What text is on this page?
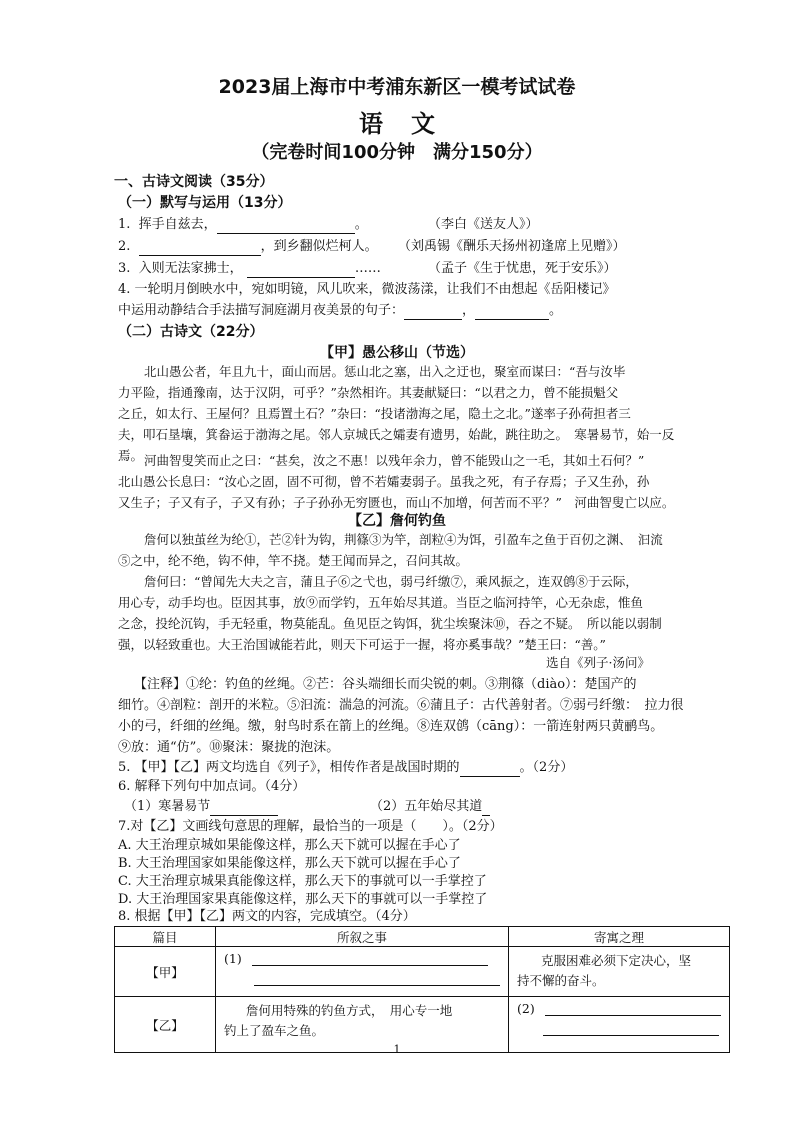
2023届上海市中考浦东新区一模考试试卷
语文
（完卷时间100分钟　满分150分）
一、古诗文阅读（35分）
（一）默写与运用（13分）
1. 挥手自兹去，	。	（李白《送友人》）
2.	，到乡翻似烂柯人。 （刘禹锡《酬乐天扬州初逢席上见赠》）
3. 入则无法家拂士，	……	（孟子《生于忧患，死于安乐》）
4. 一轮明月倒映水中，宛如明镜，风儿吹来，微波荡漾，让我们不由想起《岳阳楼记》
中运用动静结合手法描写洞庭湖月夜美景的句子：	，	。
（二）古诗文（22分）
【甲】愚公移山（节选）
北山愚公者，年且九十，面山而居。惩山北之塞，出入之迂也，聚室而谋曰：“吾与汝毕
力平险，指通豫南，达于汉阴，可乎？”杂然相许。其妻献疑曰：“以君之力，曾不能损魁父
之丘，如太行、王屋何？且焉置土石？”杂曰：“投诸渤海之尾，隐土之北。”遂率子孙荷担者三
夫，叩石垦壤，箕畚运于渤海之尾。邻人京城氏之孀妻有遗男，始龀，跳往助之。　寒暑易节，始一反
焉。 河曲智叟笑而止之曰：“甚矣，汝之不惠！以残年余力，曾不能毁山之一毛，其如土石何？”
北山愚公长息曰：“汝心之固，固不可彻，曾不若孀妻弱子。虽我之死，有子存焉；子又生孙，孙
又生子；子又有子，子又有孙；子子孙孙无穷匮也，而山不加增，何苦而不平？”　河曲智叟亡以应。
【乙】詹何钓鱼
詹何以独茧丝为纶①，芒②针为钩，荆篠③为竿，剖粒④为饵，引盈车之鱼于百仞之渊、　汩流
⑤之中，纶不绝，钩不伸，竿不挠。楚王闻而异之，召问其故。
詹何曰：“曾闻先大夫之言，蒲且子⑥之弋也，弱弓纤缴⑦，乘风振之，连双鸧⑧于云际，
用心专，动手均也。臣因其事，放⑨而学钓，五年始尽其道。当臣之临河持竿，心无杂虑，惟鱼
之念，投纶沉钩，手无轻重，物莫能乱。鱼见臣之钩饵，犹尘埃聚沫⑩，吞之不疑。　所以能以弱制
强，以轻致重也。大王治国诚能若此，则天下可运于一握，将亦奚事哉？”楚王曰：“善。”
选自《列子·汤问》
【注释】①纶：钓鱼的丝绳。②芒：谷头端细长而尖锐的刺。③荆篠（diào）：楚国产的
细竹。④剖粒：剖开的米粒。⑤汩流：湍急的河流。⑥蒲且子：古代善射者。⑦弱弓纤缴：　拉力很
小的弓，纤细的丝绳。缴，射鸟时系在箭上的丝绳。⑧连双鸧（cāng）：一箭连射两只黄鹂鸟。
⑨放：通“仿”。⑩聚沫：聚拢的泡沫。
5. 【甲】【乙】两文均选自《列子》，相传作者是战国时期的	。（2分）
6. 解释下列句中加点词。（4分）
（1）寒暑易节	（2）五年始尽其道
7.对【乙】文画线句意思的理解，最恰当的一项是（　　）。（2分）
A. 大王治理京城如果能像这样，那么天下就可以握在手心了
B. 大王治理国家如果能像这样，那么天下就可以握在手心了
C. 大王治理京城果真能像这样，那么天下的事就可以一手掌控了
D. 大王治理国家果真能像这样，那么天下的事就可以一手掌控了
8. 根据【甲】【乙】两文的内容，完成填空。（4分）
篇目	所叙之事	寄寓之理
【甲】	(1)	克服困难必须下定决心，坚
持不懈的奋斗。

【乙】	詹何用特殊的钓鱼方式，　用心专一地
钓上了盈车之鱼。	(2)

1
